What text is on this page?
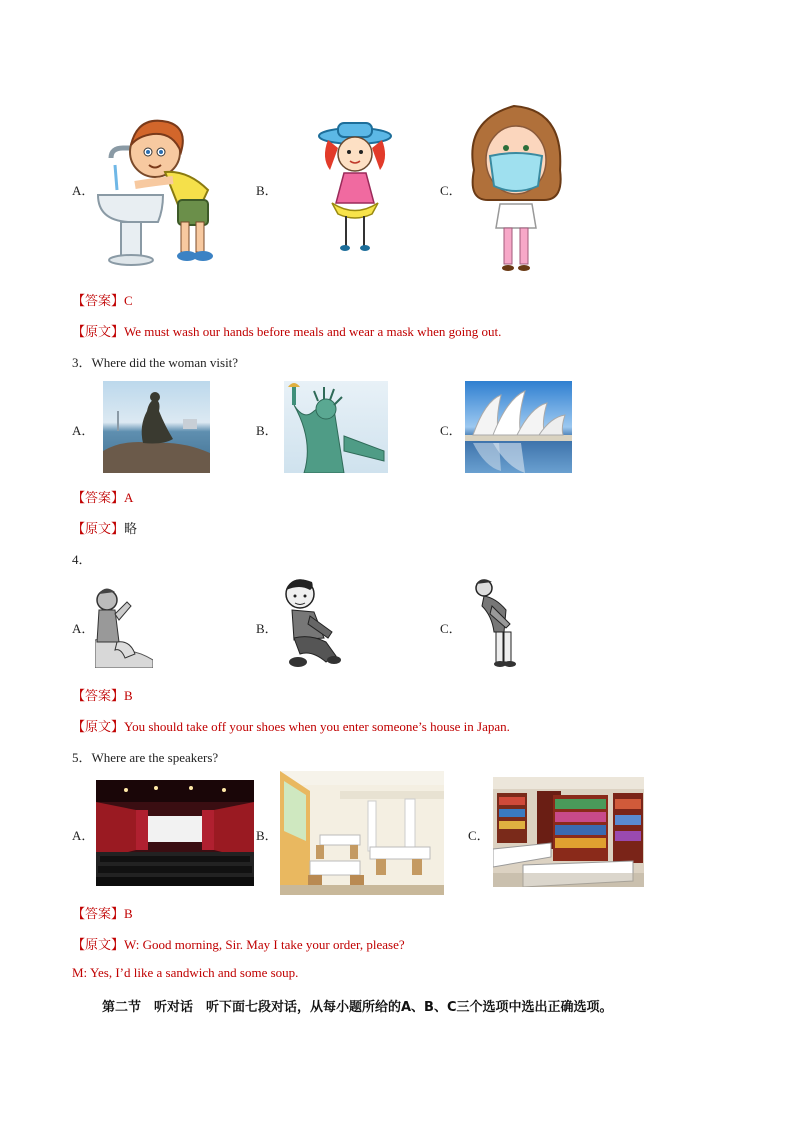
A．	B．	C．
【答案】C
【原文】We must wash our hands before meals and wear a mask when going out.
3．Where did the woman visit?
A．	B．	C．
【答案】A
【原文】略
4．
A．	B．	C．
【答案】B
【原文】You should take off your shoes when you enter someone’s house in Japan.
5．Where are the speakers?
A．	B．	C．
【答案】B
【原文】W: Good morning, Sir. May I take your order, please?
M: Yes, I’d like a sandwich and some soup.
第二节　听对话　听下面七段对话，从每小题所给的A、B、C三个选项中选出正确选项。
